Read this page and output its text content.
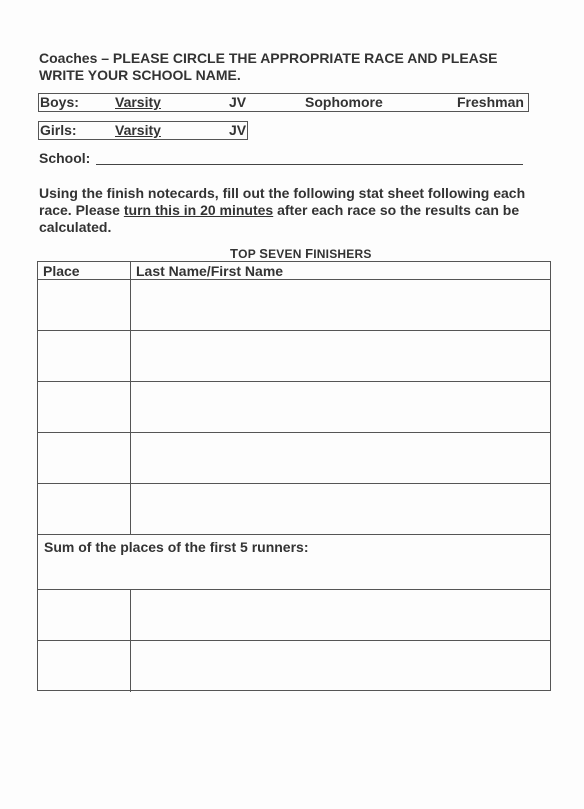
Coaches – PLEASE CIRCLE THE APPROPRIATE RACE AND PLEASE
WRITE YOUR SCHOOL NAME.
Boys:	Varsity	JV	Sophomore	Freshman
Girls:	Varsity	JV
School:
Using the finish notecards, fill out the following stat sheet following each race. Please turn this in 20 minutes after each race so the results can be calculated.
TOP SEVEN FINISHERS
Place	Last Name/First Name
Sum of the places of the first 5 runners:
